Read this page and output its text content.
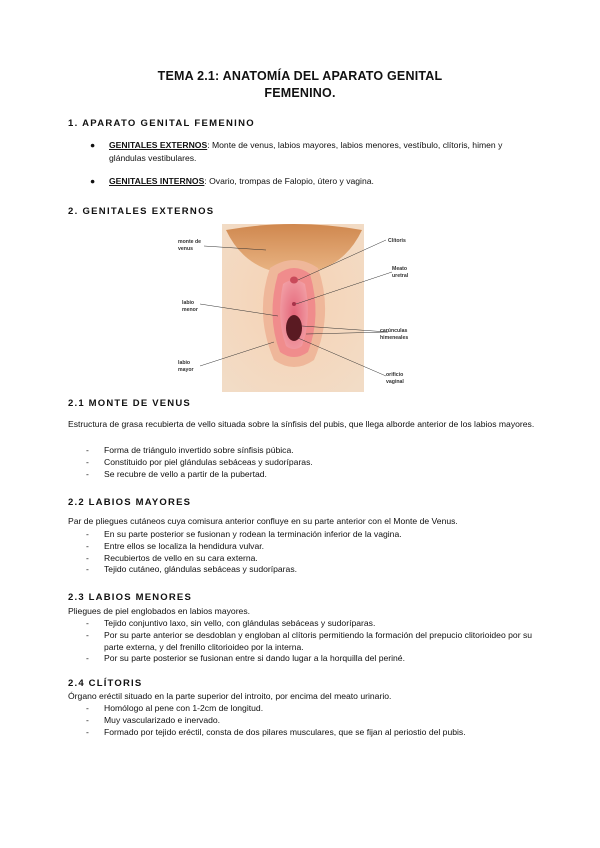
TEMA 2.1: ANATOMÍA DEL APARATO GENITAL
FEMENINO.
1. APARATO GENITAL FEMENINO
●	GENITALES EXTERNOS: Monte de venus, labios mayores, labios menores, vestíbulo, clítoris, himen y glándulas vestibulares.
●	GENITALES INTERNOS: Ovario, trompas de Falopio, útero y vagina.
2. GENITALES EXTERNOS
monte de
venus
labio
menor
labio
mayor
Clítoris
Meato
uretral
carúnculas
himeneales
orificio
vaginal
2.1 MONTE DE VENUS
Estructura de grasa recubierta de vello situada sobre la sínfisis del pubis, que llega alborde anterior de los labios mayores.
- Forma de triángulo invertido sobre sínfisis púbica.
- Constituido por piel glándulas sebáceas y sudoríparas.
- Se recubre de vello a partir de la pubertad.
2.2 LABIOS MAYORES
Par de pliegues cutáneos cuya comisura anterior confluye en su parte anterior con el Monte de Venus.
- En su parte posterior se fusionan y rodean la terminación inferior de la vagina.
- Entre ellos se localiza la hendidura vulvar.
- Recubiertos de vello en su cara externa.
- Tejido cutáneo, glándulas sebáceas y sudoríparas.
2.3 LABIOS MENORES
Pliegues de piel englobados en labios mayores.
- Tejido conjuntivo laxo, sin vello, con glándulas sebáceas y sudoríparas.
- Por su parte anterior se desdoblan y engloban al clítoris permitiendo la formación del prepucio clitorioideo por su parte externa, y del frenillo clitorioideo por la interna.
- Por su parte posterior se fusionan entre si dando lugar a la horquilla del periné.
2.4 CLÍTORIS
Órgano eréctil situado en la parte superior del introito, por encima del meato urinario.
- Homólogo al pene con 1-2cm de longitud.
- Muy vascularizado e inervado.
- Formado por tejido eréctil, consta de dos pilares musculares, que se fijan al periostio del pubis.
